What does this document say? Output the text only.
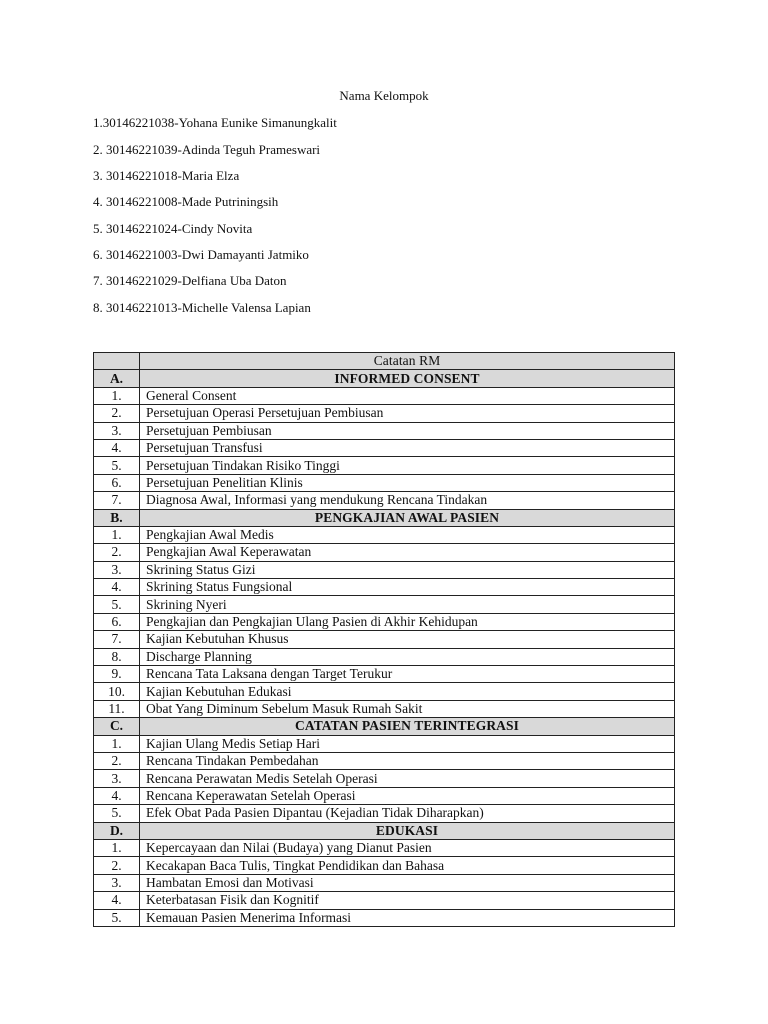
Nama Kelompok
1.30146221038-Yohana Eunike Simanungkalit
2. 30146221039-Adinda Teguh Prameswari
3. 30146221018-Maria Elza
4. 30146221008-Made Putriningsih
5. 30146221024-Cindy Novita
6. 30146221003-Dwi Damayanti Jatmiko
7. 30146221029-Delfiana Uba Daton
8. 30146221013-Michelle Valensa Lapian
	Catatan RM
A.	INFORMED CONSENT
1.	General Consent
2.	Persetujuan Operasi Persetujuan Pembiusan
3.	Persetujuan Pembiusan
4.	Persetujuan Transfusi
5.	Persetujuan Tindakan Risiko Tinggi
6.	Persetujuan Penelitian Klinis
7.	Diagnosa Awal, Informasi yang mendukung Rencana Tindakan
B.	PENGKAJIAN AWAL PASIEN
1.	Pengkajian Awal Medis
2.	Pengkajian Awal Keperawatan
3.	Skrining Status Gizi
4.	Skrining Status Fungsional
5.	Skrining Nyeri
6.	Pengkajian dan Pengkajian Ulang Pasien di Akhir Kehidupan
7.	Kajian Kebutuhan Khusus
8.	Discharge Planning
9.	Rencana Tata Laksana dengan Target Terukur
10.	Kajian Kebutuhan Edukasi
11.	Obat Yang Diminum Sebelum Masuk Rumah Sakit
C.	CATATAN PASIEN TERINTEGRASI
1.	Kajian Ulang Medis Setiap Hari
2.	Rencana Tindakan Pembedahan
3.	Rencana Perawatan Medis Setelah Operasi
4.	Rencana Keperawatan Setelah Operasi
5.	Efek Obat Pada Pasien Dipantau (Kejadian Tidak Diharapkan)
D.	EDUKASI
1.	Kepercayaan dan Nilai (Budaya) yang Dianut Pasien
2.	Kecakapan Baca Tulis, Tingkat Pendidikan dan Bahasa
3.	Hambatan Emosi dan Motivasi
4.	Keterbatasan Fisik dan Kognitif
5.	Kemauan Pasien Menerima Informasi
